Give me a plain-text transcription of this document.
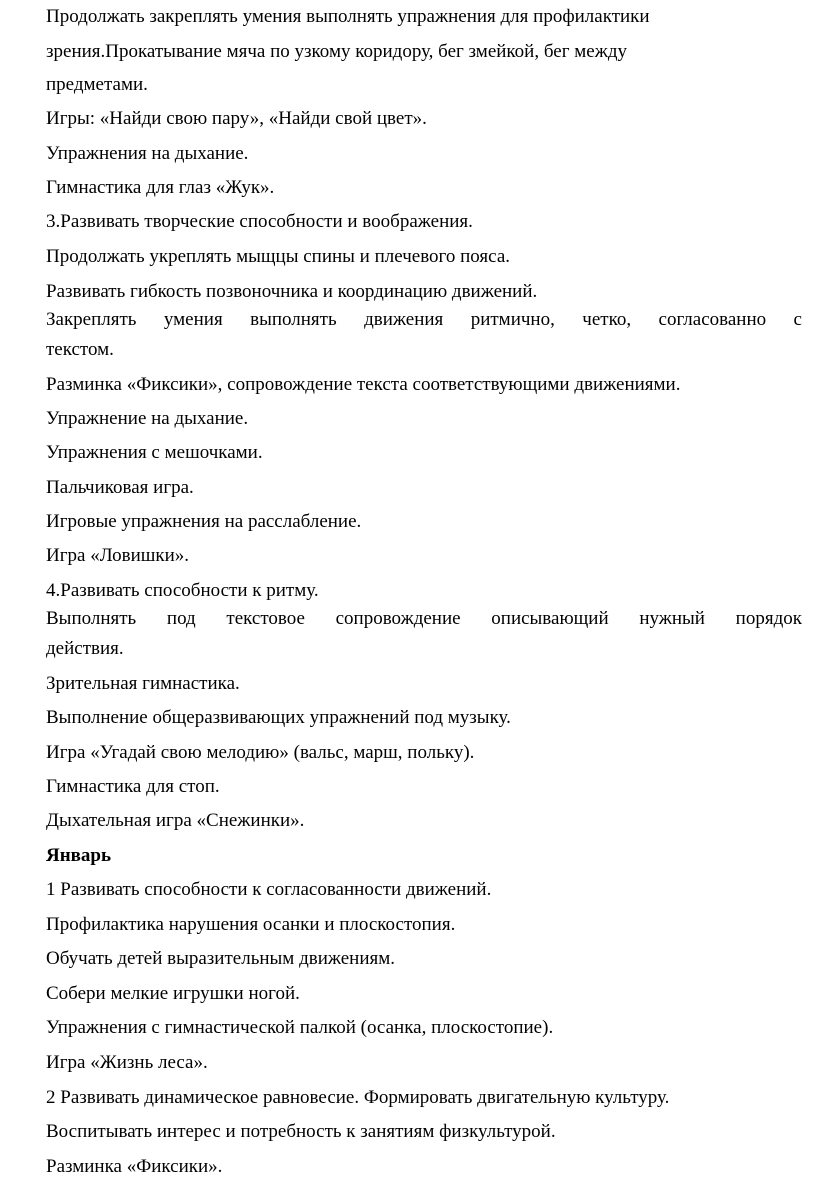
Продолжать закреплять умения выполнять упражнения для профилактики
зрения.Прокатывание мяча по узкому коридору, бег змейкой, бег между
предметами.
Игры: «Найди свою пару», «Найди свой цвет».
Упражнения на дыхание.
Гимнастика для глаз «Жук».
3.Развивать творческие способности и воображения.
Продолжать укреплять мыщцы спины и плечевого пояса.
Развивать гибкость позвоночника и координацию движений.
Закреплять умения выполнять движения ритмично, четко, согласованно с
текстом.
Разминка «Фиксики», сопровождение текста соответствующими движениями.
Упражнение на дыхание.
Упражнения с мешочками.
Пальчиковая игра.
Игровые упражнения на расслабление.
Игра «Ловишки».
4.Развивать способности к ритму.
Выполнять под текстовое сопровождение описывающий нужный порядок
действия.
Зрительная гимнастика.
Выполнение общеразвивающих упражнений под музыку.
Игра «Угадай свою мелодию» (вальс, марш, польку).
Гимнастика для стоп.
Дыхательная игра «Снежинки».
Январь
1 Развивать способности к согласованности движений.
Профилактика нарушения осанки и плоскостопия.
Обучать детей выразительным движениям.
Собери мелкие игрушки ногой.
Упражнения с гимнастической палкой (осанка, плоскостопие).
Игра «Жизнь леса».
2 Развивать динамическое равновесие. Формировать двигательную культуру.
Воспитывать интерес и потребность к занятиям физкультурой.
Разминка «Фиксики».
